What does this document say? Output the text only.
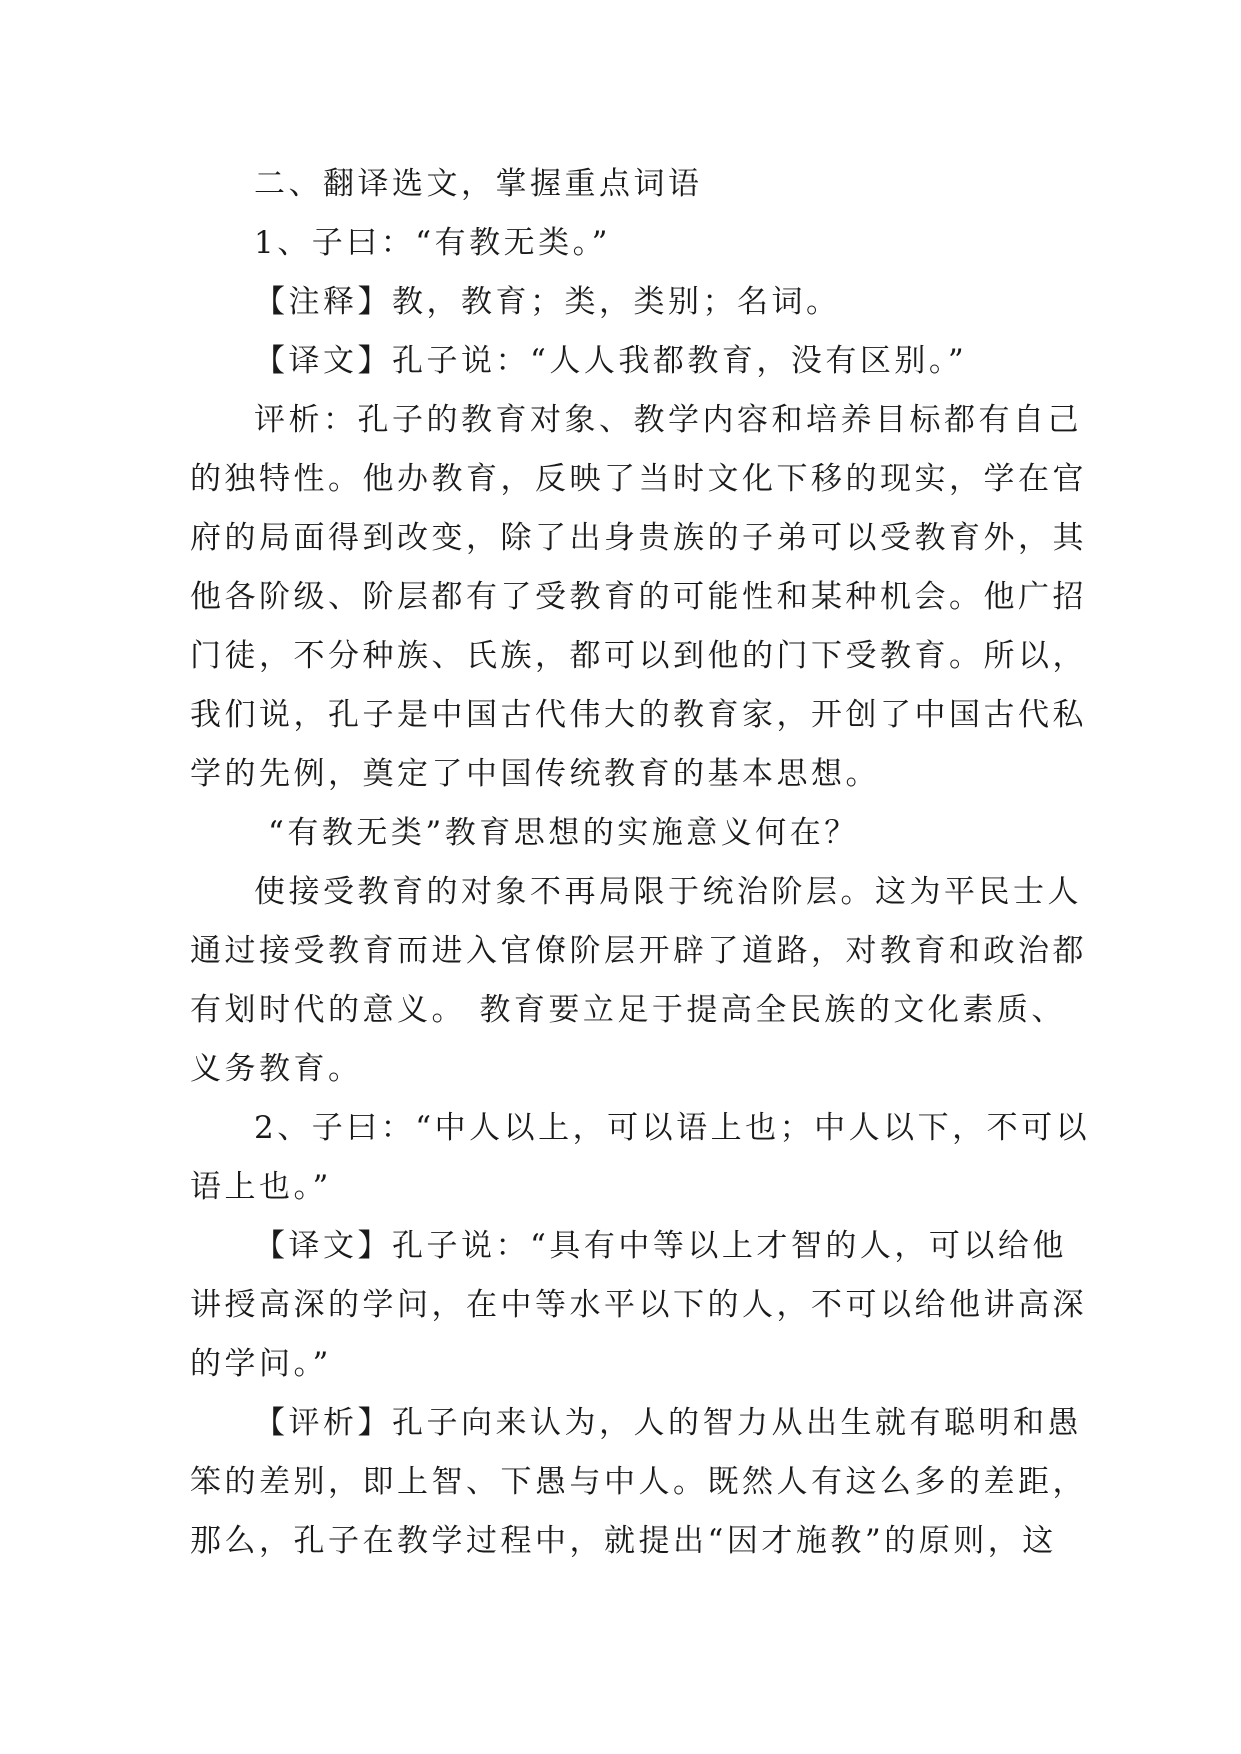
二、翻译选文，掌握重点词语
1、子曰：“有教无类。”
【注释】教，教育；类，类别；名词。
【译文】孔子说：“人人我都教育，没有区别。”
评析：孔子的教育对象、教学内容和培养目标都有自己
的独特性。他办教育，反映了当时文化下移的现实，学在官
府的局面得到改变，除了出身贵族的子弟可以受教育外，其
他各阶级、阶层都有了受教育的可能性和某种机会。他广招
门徒，不分种族、氏族，都可以到他的门下受教育。所以，
我们说，孔子是中国古代伟大的教育家，开创了中国古代私
学的先例，奠定了中国传统教育的基本思想。
“有教无类”教育思想的实施意义何在？
使接受教育的对象不再局限于统治阶层。这为平民士人
通过接受教育而进入官僚阶层开辟了道路，对教育和政治都
有划时代的意义。 教育要立足于提高全民族的文化素质、
义务教育。
2、子曰：“中人以上，可以语上也；中人以下，不可以
语上也。”
【译文】孔子说：“具有中等以上才智的人，可以给他
讲授高深的学问，在中等水平以下的人，不可以给他讲高深
的学问。”
【评析】孔子向来认为，人的智力从出生就有聪明和愚
笨的差别，即上智、下愚与中人。既然人有这么多的差距，
那么，孔子在教学过程中，就提出“因才施教”的原则，这
